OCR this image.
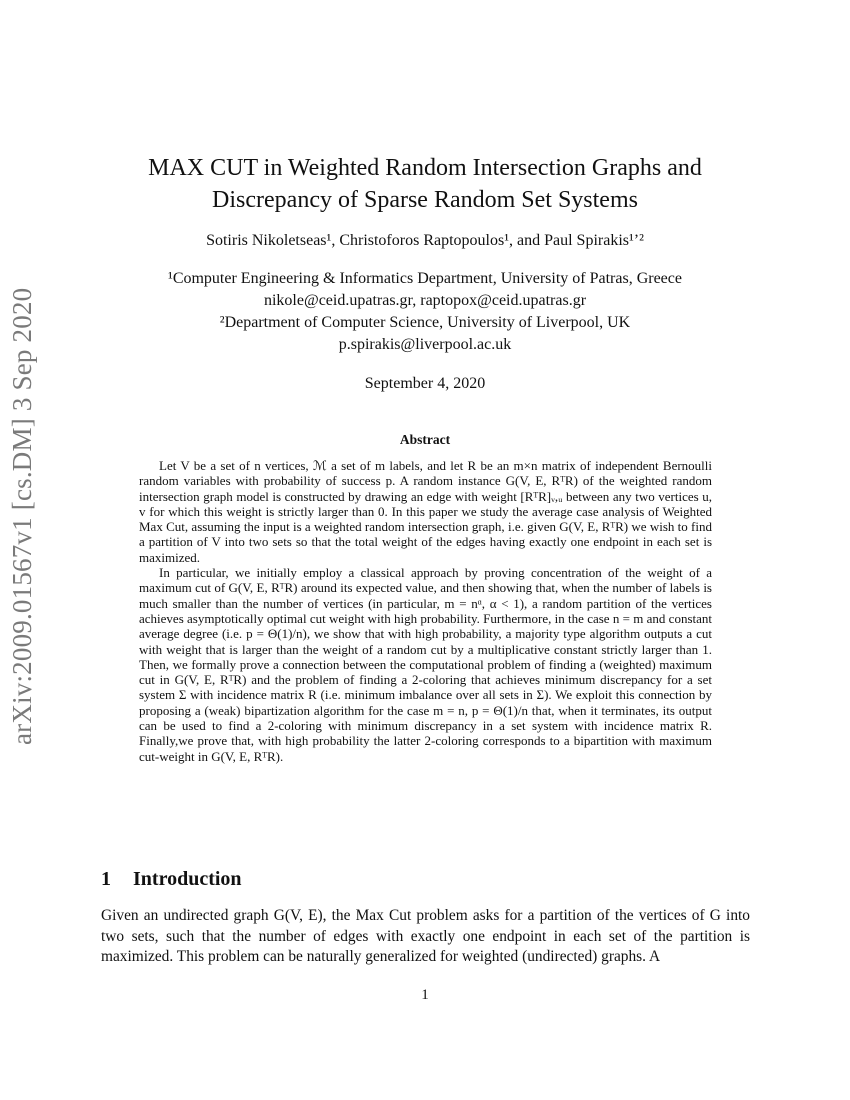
arXiv:2009.01567v1 [cs.DM] 3 Sep 2020
MAX CUT in Weighted Random Intersection Graphs and
Discrepancy of Sparse Random Set Systems
Sotiris Nikoletseas¹, Christoforos Raptopoulos¹, and Paul Spirakis¹ʼ²
¹Computer Engineering & Informatics Department, University of Patras, Greece
nikole@ceid.upatras.gr, raptopox@ceid.upatras.gr
²Department of Computer Science, University of Liverpool, UK
p.spirakis@liverpool.ac.uk
September 4, 2020
Abstract

Let V be a set of n vertices, ℳ a set of m labels, and let R be an m×n matrix of independent Bernoulli random variables with probability of success p. A random instance G(V, E, RᵀR) of the weighted random intersection graph model is constructed by drawing an edge with weight [RᵀR]ᵥ,ᵤ between any two vertices u, v for which this weight is strictly larger than 0. In this paper we study the average case analysis of Weighted Max Cut, assuming the input is a weighted random intersection graph, i.e. given G(V, E, RᵀR) we wish to find a partition of V into two sets so that the total weight of the edges having exactly one endpoint in each set is maximized.

In particular, we initially employ a classical approach by proving concentration of the weight of a maximum cut of G(V, E, RᵀR) around its expected value, and then showing that, when the number of labels is much smaller than the number of vertices (in particular, m = nᵅ, α < 1), a random partition of the vertices achieves asymptotically optimal cut weight with high probability. Furthermore, in the case n = m and constant average degree (i.e. p = Θ(1)/n), we show that with high probability, a majority type algorithm outputs a cut with weight that is larger than the weight of a random cut by a multiplicative constant strictly larger than 1. Then, we formally prove a connection between the computational problem of finding a (weighted) maximum cut in G(V, E, RᵀR) and the problem of finding a 2-coloring that achieves minimum discrepancy for a set system Σ with incidence matrix R (i.e. minimum imbalance over all sets in Σ). We exploit this connection by proposing a (weak) bipartization algorithm for the case m = n, p = Θ(1)/n that, when it terminates, its output can be used to find a 2-coloring with minimum discrepancy in a set system with incidence matrix R. Finally,we prove that, with high probability the latter 2-coloring corresponds to a bipartition with maximum cut-weight in G(V, E, RᵀR).

1 Introduction

Given an undirected graph G(V, E), the Max Cut problem asks for a partition of the vertices of G into two sets, such that the number of edges with exactly one endpoint in each set of the partition is maximized. This problem can be naturally generalized for weighted (undirected) graphs. A

1
